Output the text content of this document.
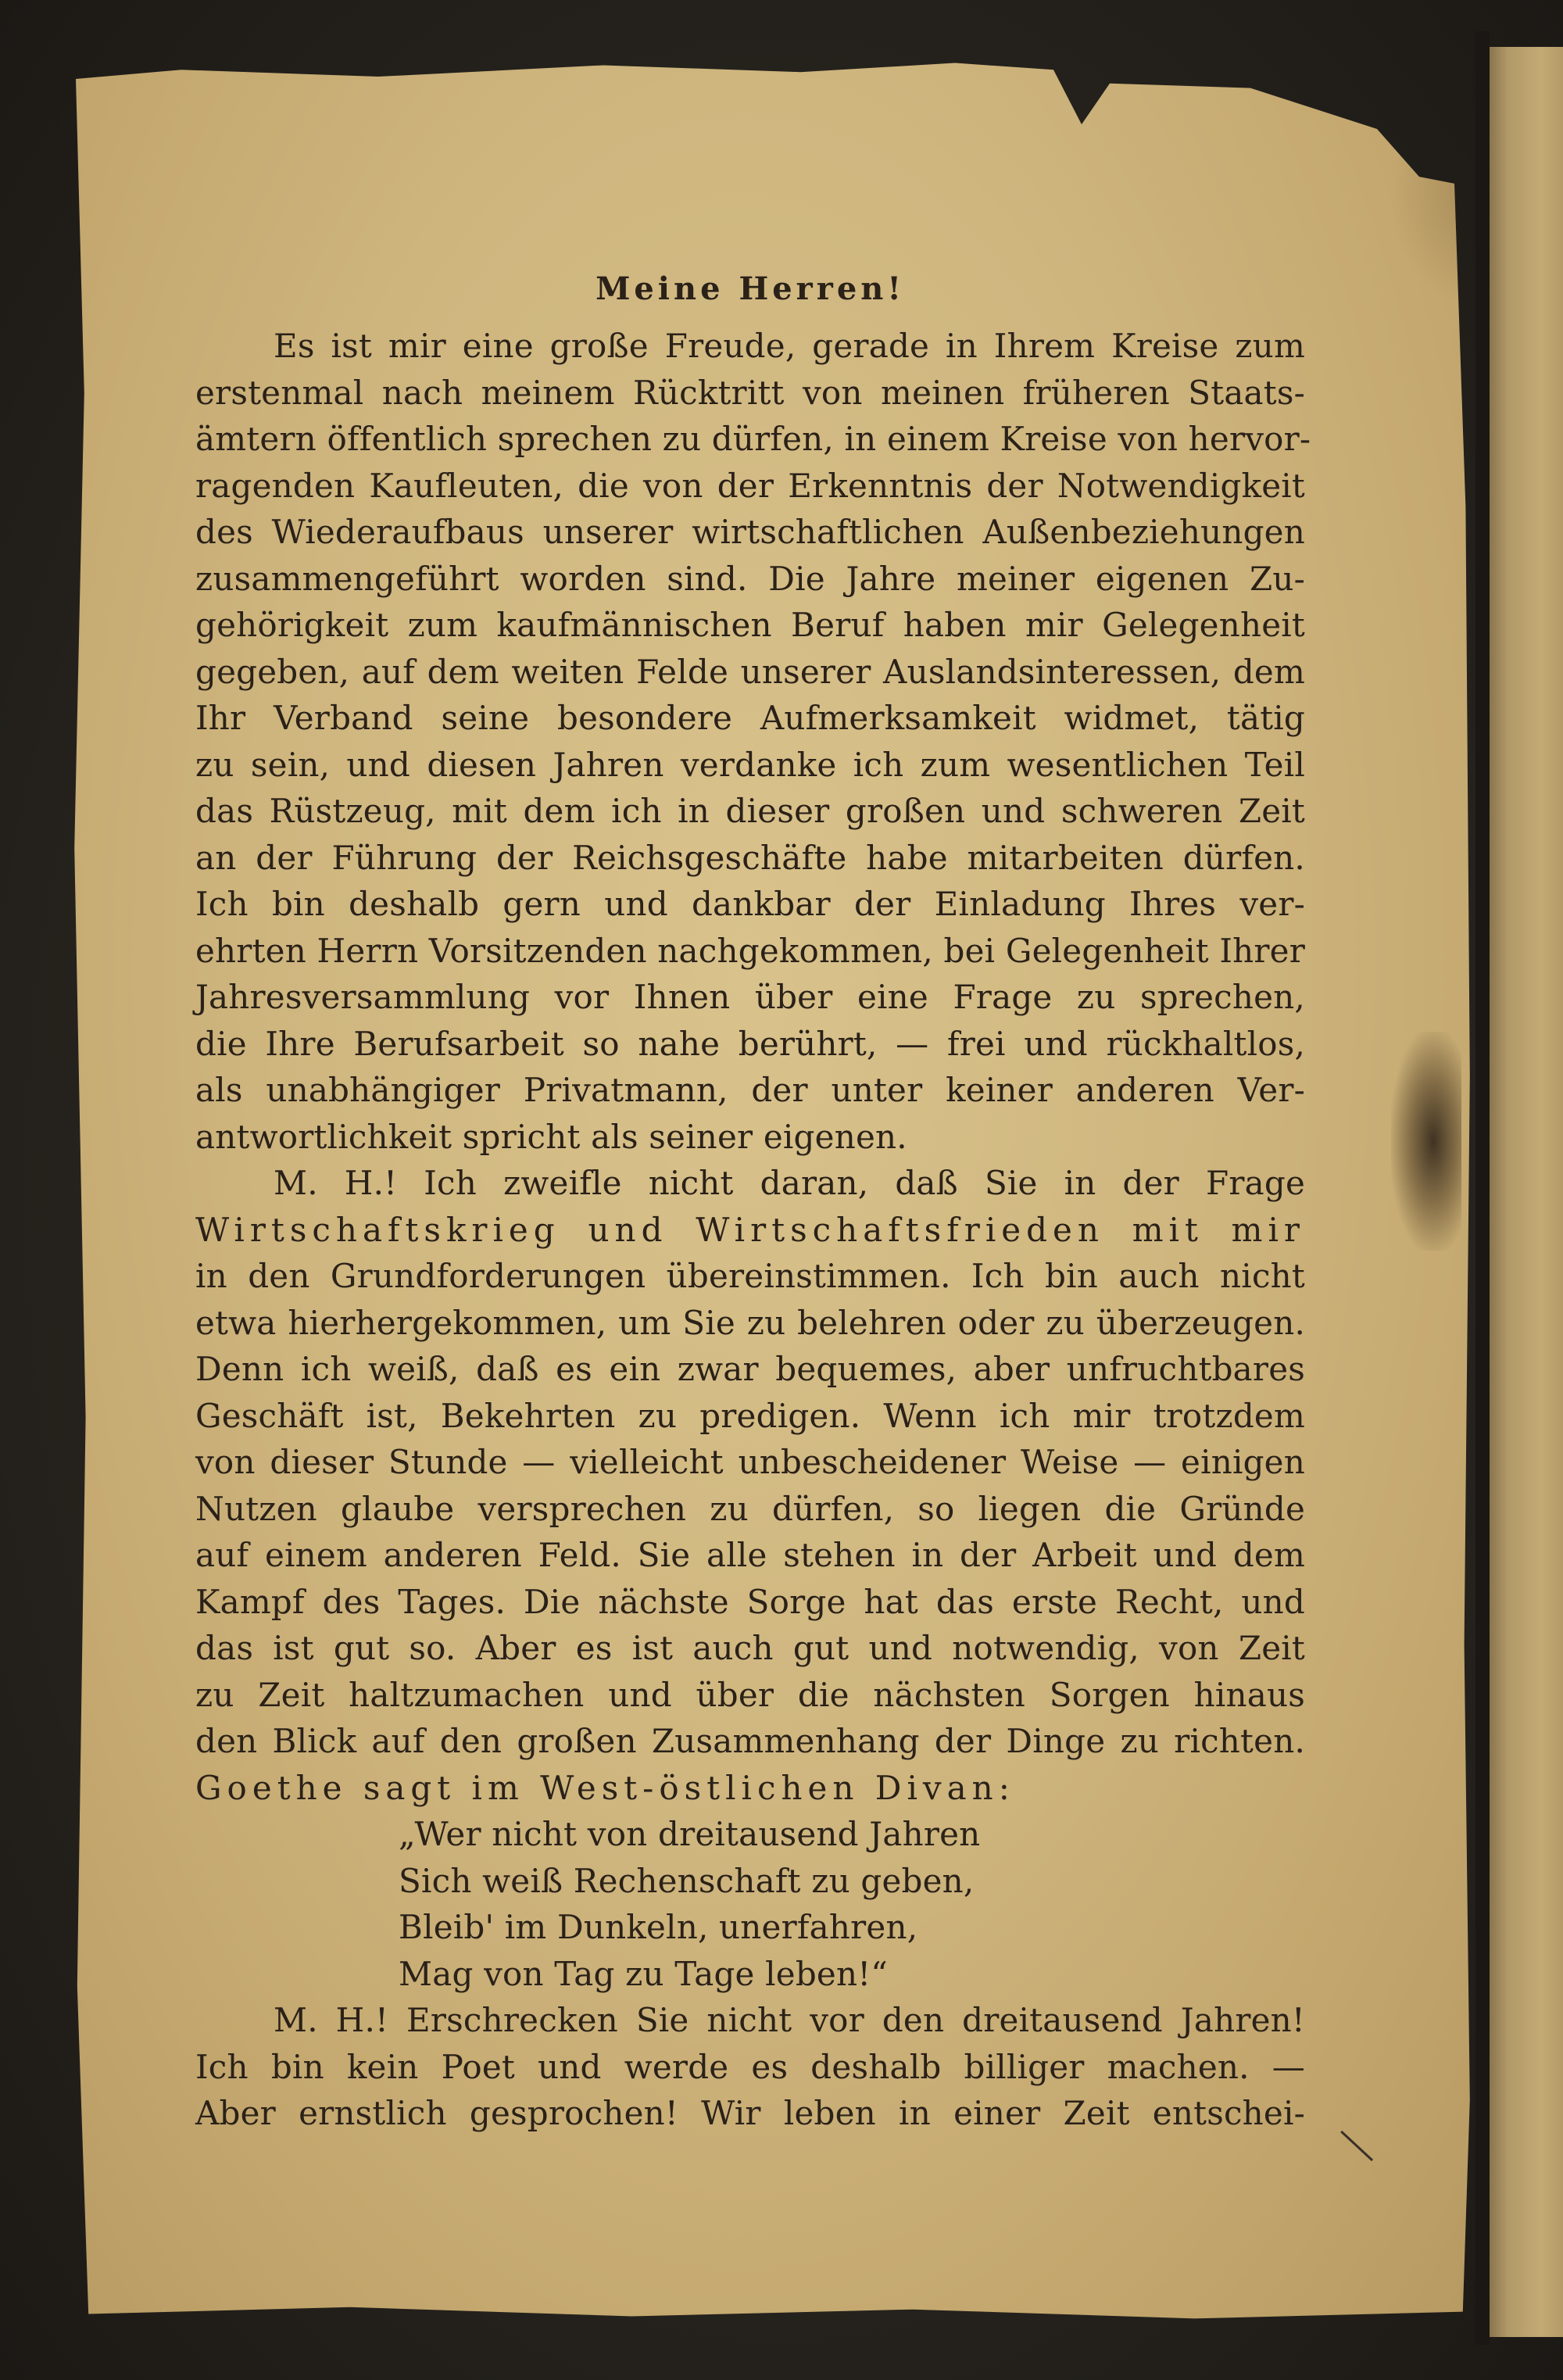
Meine Herren!
Es ist mir eine große Freude, gerade in Ihrem Kreise zum
erstenmal nach meinem Rücktritt von meinen früheren Staats-
ämtern öffentlich sprechen zu dürfen, in einem Kreise von hervor-
ragenden Kaufleuten, die von der Erkenntnis der Notwendigkeit
des Wiederaufbaus unserer wirtschaftlichen Außenbeziehungen
zusammengeführt worden sind. Die Jahre meiner eigenen Zu-
gehörigkeit zum kaufmännischen Beruf haben mir Gelegenheit
gegeben, auf dem weiten Felde unserer Auslandsinteressen, dem
Ihr Verband seine besondere Aufmerksamkeit widmet, tätig
zu sein, und diesen Jahren verdanke ich zum wesentlichen Teil
das Rüstzeug, mit dem ich in dieser großen und schweren Zeit
an der Führung der Reichsgeschäfte habe mitarbeiten dürfen.
Ich bin deshalb gern und dankbar der Einladung Ihres ver-
ehrten Herrn Vorsitzenden nachgekommen, bei Gelegenheit Ihrer
Jahresversammlung vor Ihnen über eine Frage zu sprechen,
die Ihre Berufsarbeit so nahe berührt, — frei und rückhaltlos,
als unabhängiger Privatmann, der unter keiner anderen Ver-
antwortlichkeit spricht als seiner eigenen.
M. H.! Ich zweifle nicht daran, daß Sie in der Frage
Wirtschaftskrieg und Wirtschaftsfrieden mit mir
in den Grundforderungen übereinstimmen. Ich bin auch nicht
etwa hierhergekommen, um Sie zu belehren oder zu überzeugen.
Denn ich weiß, daß es ein zwar bequemes, aber unfruchtbares
Geschäft ist, Bekehrten zu predigen. Wenn ich mir trotzdem
von dieser Stunde — vielleicht unbescheidener Weise — einigen
Nutzen glaube versprechen zu dürfen, so liegen die Gründe
auf einem anderen Feld. Sie alle stehen in der Arbeit und dem
Kampf des Tages. Die nächste Sorge hat das erste Recht, und
das ist gut so. Aber es ist auch gut und notwendig, von Zeit
zu Zeit haltzumachen und über die nächsten Sorgen hinaus
den Blick auf den großen Zusammenhang der Dinge zu richten.
Goethe sagt im West-östlichen Divan:
„Wer nicht von dreitausend Jahren
Sich weiß Rechenschaft zu geben,
Bleib' im Dunkeln, unerfahren,
Mag von Tag zu Tage leben!“
M. H.! Erschrecken Sie nicht vor den dreitausend Jahren!
Ich bin kein Poet und werde es deshalb billiger machen. —
Aber ernstlich gesprochen! Wir leben in einer Zeit entschei-
